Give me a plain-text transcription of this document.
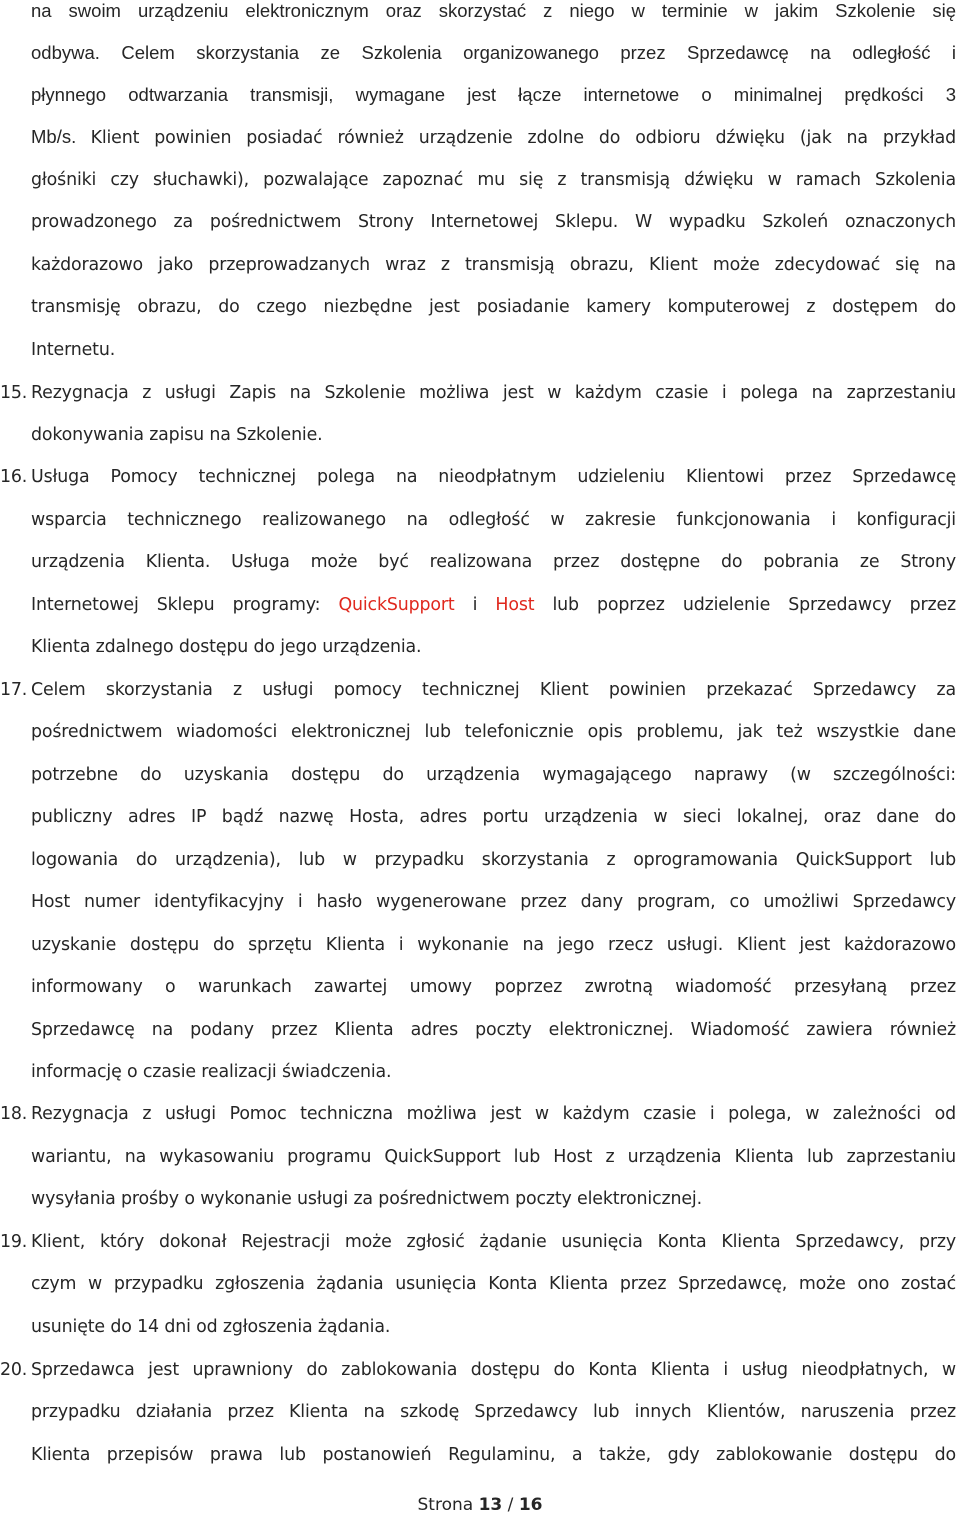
na swoim urządzeniu elektronicznym oraz skorzystać z niego w terminie w jakim Szkolenie się
odbywa. Celem skorzystania ze Szkolenia organizowanego przez Sprzedawcę na odległość i
płynnego odtwarzania transmisji, wymagane jest łącze internetowe o minimalnej prędkości 3
Mb/s. Klient powinien posiadać również urządzenie zdolne do odbioru dźwięku (jak na przykład
głośniki czy słuchawki), pozwalające zapoznać mu się z transmisją dźwięku w ramach Szkolenia
prowadzonego za pośrednictwem Strony Internetowej Sklepu. W wypadku Szkoleń oznaczonych
każdorazowo jako przeprowadzanych wraz z transmisją obrazu, Klient może zdecydować się na
transmisję obrazu, do czego niezbędne jest posiadanie kamery komputerowej z dostępem do
Internetu.
15. Rezygnacja z usługi Zapis na Szkolenie możliwa jest w każdym czasie i polega na zaprzestaniu
dokonywania zapisu na Szkolenie.
16. Usługa Pomocy technicznej polega na nieodpłatnym udzieleniu Klientowi przez Sprzedawcę
wsparcia technicznego realizowanego na odległość w zakresie funkcjonowania i konfiguracji
urządzenia Klienta. Usługa może być realizowana przez dostępne do pobrania ze Strony
Internetowej Sklepu programy: QuickSupport i Host lub poprzez udzielenie Sprzedawcy przez
Klienta zdalnego dostępu do jego urządzenia.
17. Celem skorzystania z usługi pomocy technicznej Klient powinien przekazać Sprzedawcy za
pośrednictwem wiadomości elektronicznej lub telefonicznie opis problemu, jak też wszystkie dane
potrzebne do uzyskania dostępu do urządzenia wymagającego naprawy (w szczególności:
publiczny adres IP bądź nazwę Hosta, adres portu urządzenia w sieci lokalnej, oraz dane do
logowania do urządzenia), lub w przypadku skorzystania z oprogramowania QuickSupport lub
Host numer identyfikacyjny i hasło wygenerowane przez dany program, co umożliwi Sprzedawcy
uzyskanie dostępu do sprzętu Klienta i wykonanie na jego rzecz usługi. Klient jest każdorazowo
informowany o warunkach zawartej umowy poprzez zwrotną wiadomość przesyłaną przez
Sprzedawcę na podany przez Klienta adres poczty elektronicznej. Wiadomość zawiera również
informację o czasie realizacji świadczenia.
18. Rezygnacja z usługi Pomoc techniczna możliwa jest w każdym czasie i polega, w zależności od
wariantu, na wykasowaniu programu QuickSupport lub Host z urządzenia Klienta lub zaprzestaniu
wysyłania prośby o wykonanie usługi za pośrednictwem poczty elektronicznej.
19. Klient, który dokonał Rejestracji może zgłosić żądanie usunięcia Konta Klienta Sprzedawcy, przy
czym w przypadku zgłoszenia żądania usunięcia Konta Klienta przez Sprzedawcę, może ono zostać
usunięte do 14 dni od zgłoszenia żądania.
20. Sprzedawca jest uprawniony do zablokowania dostępu do Konta Klienta i usług nieodpłatnych, w
przypadku działania przez Klienta na szkodę Sprzedawcy lub innych Klientów, naruszenia przez
Klienta przepisów prawa lub postanowień Regulaminu, a także, gdy zablokowanie dostępu do
Strona 13 / 16
